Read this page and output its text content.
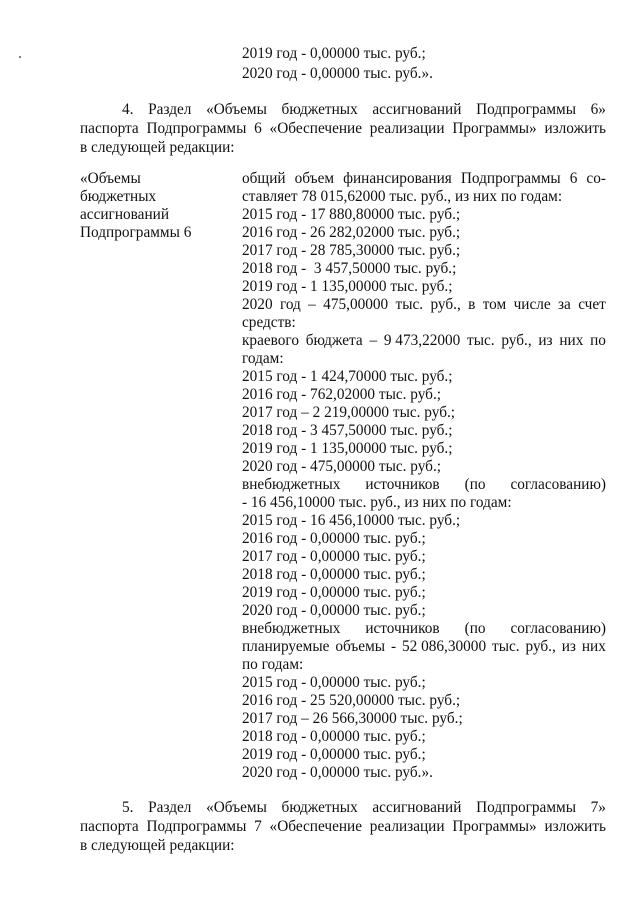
2019 год - 0,00000 тыс. руб.;
2020 год - 0,00000 тыс. руб.».
4. Раздел «Объемы бюджетных ассигнований Подпрограммы 6»
паспорта Подпрограммы 6 «Обеспечение реализации Программы» изложить
в следующей редакции:
«Объемы
бюджетных
ассигнований
Подпрограммы 6
общий объем финансирования Подпрограммы 6 со-
ставляет 78 015,62000 тыс. руб., из них по годам:
2015 год - 17 880,80000 тыс. руб.;
2016 год - 26 282,02000 тыс. руб.;
2017 год - 28 785,30000 тыс. руб.;
2018 год -  3 457,50000 тыс. руб.;
2019 год - 1 135,00000 тыс. руб.;
2020 год – 475,00000 тыс. руб., в том числе за счет
средств:
краевого бюджета – 9 473,22000 тыс. руб., из них по
годам:
2015 год - 1 424,70000 тыс. руб.;
2016 год - 762,02000 тыс. руб.;
2017 год – 2 219,00000 тыс. руб.;
2018 год - 3 457,50000 тыс. руб.;
2019 год - 1 135,00000 тыс. руб.;
2020 год - 475,00000 тыс. руб.;
внебюджетных источников (по согласованию)
- 16 456,10000 тыс. руб., из них по годам:
2015 год - 16 456,10000 тыс. руб.;
2016 год - 0,00000 тыс. руб.;
2017 год - 0,00000 тыс. руб.;
2018 год - 0,00000 тыс. руб.;
2019 год - 0,00000 тыс. руб.;
2020 год - 0,00000 тыс. руб.;
внебюджетных источников (по согласованию)
планируемые объемы - 52 086,30000 тыс. руб., из них
по годам:
2015 год - 0,00000 тыс. руб.;
2016 год - 25 520,00000 тыс. руб.;
2017 год – 26 566,30000 тыс. руб.;
2018 год - 0,00000 тыс. руб.;
2019 год - 0,00000 тыс. руб.;
2020 год - 0,00000 тыс. руб.».
5. Раздел «Объемы бюджетных ассигнований Подпрограммы 7»
паспорта Подпрограммы 7 «Обеспечение реализации Программы» изложить
в следующей редакции:
